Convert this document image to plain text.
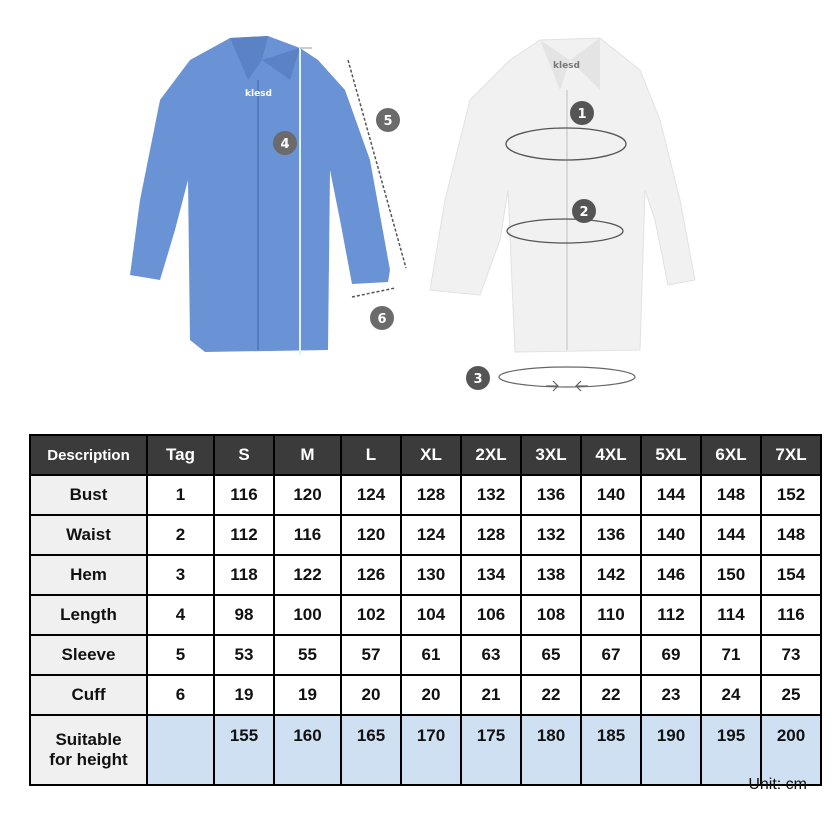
klesd
4
5
6
klesd
1
2
3
Description	Tag	S	M	L	XL	2XL	3XL	4XL	5XL	6XL	7XL
Bust	1	116	120	124	128	132	136	140	144	148	152
Waist	2	112	116	120	124	128	132	136	140	144	148
Hem	3	118	122	126	130	134	138	142	146	150	154
Length	4	98	100	102	104	106	108	110	112	114	116
Sleeve	5	53	55	57	61	63	65	67	69	71	73
Cuff	6	19	19	20	20	21	22	22	23	24	25
Suitable
for height		155	160	165	170	175	180	185	190	195	200
Unit: cm
